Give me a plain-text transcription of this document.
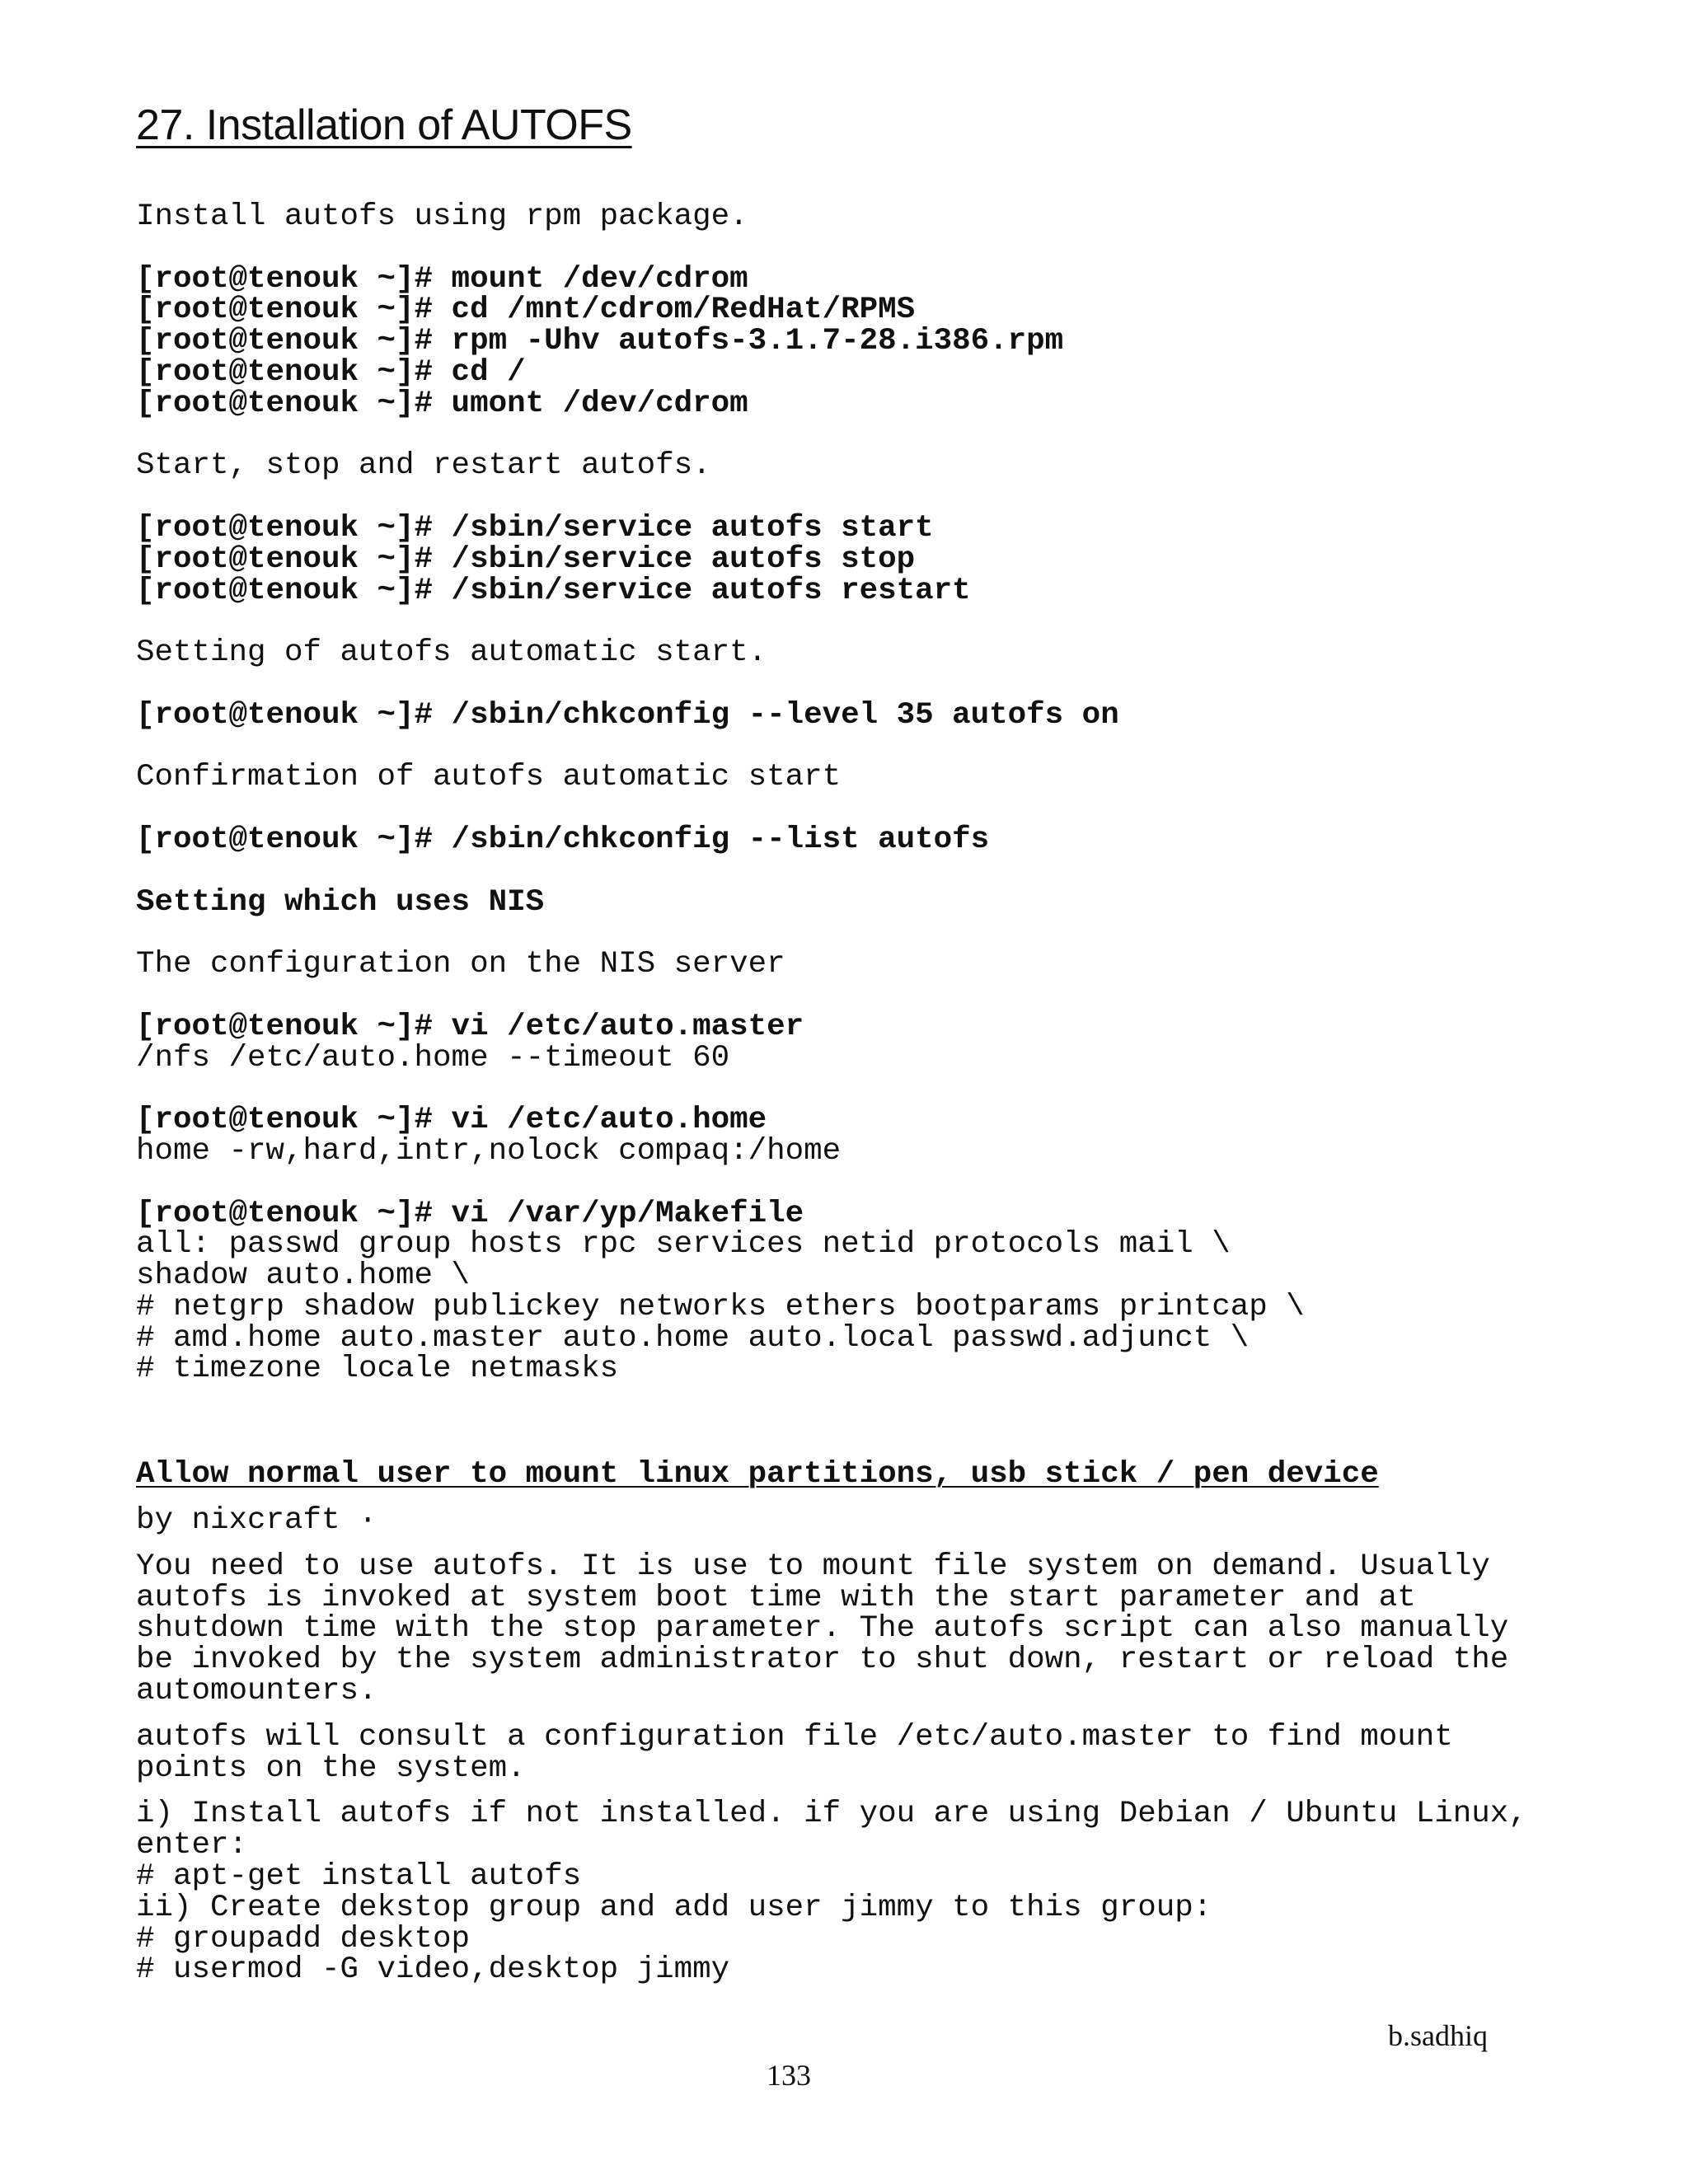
27. Installation of AUTOFS
Install autofs using rpm package.
[root@tenouk ~]# mount /dev/cdrom
[root@tenouk ~]# cd /mnt/cdrom/RedHat/RPMS
[root@tenouk ~]# rpm -Uhv autofs-3.1.7-28.i386.rpm
[root@tenouk ~]# cd /
[root@tenouk ~]# umont /dev/cdrom
Start, stop and restart autofs.
[root@tenouk ~]# /sbin/service autofs start
[root@tenouk ~]# /sbin/service autofs stop
[root@tenouk ~]# /sbin/service autofs restart
Setting of autofs automatic start.
[root@tenouk ~]# /sbin/chkconfig --level 35 autofs on
Confirmation of autofs automatic start
[root@tenouk ~]# /sbin/chkconfig --list autofs
Setting which uses NIS
The configuration on the NIS server
[root@tenouk ~]# vi /etc/auto.master
/nfs /etc/auto.home --timeout 60
[root@tenouk ~]# vi /etc/auto.home
home -rw,hard,intr,nolock compaq:/home
[root@tenouk ~]# vi /var/yp/Makefile
all: passwd group hosts rpc services netid protocols mail \
shadow auto.home \
# netgrp shadow publickey networks ethers bootparams printcap \
# amd.home auto.master auto.home auto.local passwd.adjunct \
# timezone locale netmasks
Allow normal user to mount linux partitions, usb stick / pen device
by nixcraft ·
You need to use autofs. It is use to mount file system on demand. Usually autofs is invoked at system boot time with the start parameter and at shutdown time with the stop parameter. The autofs script can also manually be invoked by the system administrator to shut down, restart or reload the automounters.
autofs will consult a configuration file /etc/auto.master to find mount points on the system.
i) Install autofs if not installed. if you are using Debian / Ubuntu Linux, enter:
# apt-get install autofs
ii) Create dekstop group and add user jimmy to this group:
# groupadd desktop
# usermod -G video,desktop jimmy
b.sadhiq
133
